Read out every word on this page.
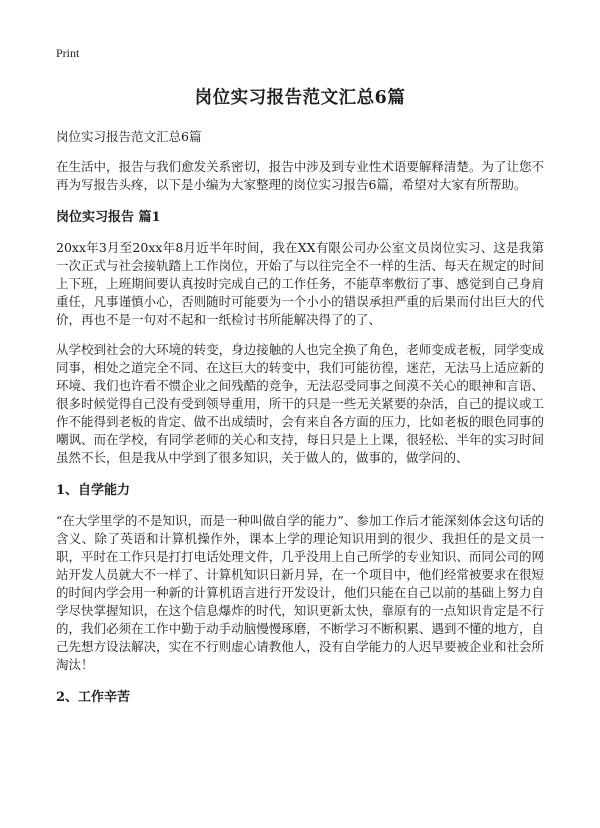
Print
岗位实习报告范文汇总6篇
岗位实习报告范文汇总6篇

在生活中，报告与我们愈发关系密切，报告中涉及到专业性术语要解释清楚。为了让您不再为写报告头疼，以下是小编为大家整理的岗位实习报告6篇，希望对大家有所帮助。

岗位实习报告 篇1

20xx年3月至20xx年8月近半年时间，我在XX有限公司办公室文员岗位实习、这是我第一次正式与社会接轨踏上工作岗位，开始了与以往完全不一样的生活、每天在规定的时间上下班，上班期间要认真按时完成自己的工作任务，不能草率敷衍了事、感觉到自己身肩重任，凡事谨慎小心，否则随时可能要为一个小小的错误承担严重的后果而付出巨大的代价，再也不是一句对不起和一纸检讨书所能解决得了的了、

从学校到社会的大环境的转变，身边接触的人也完全换了角色，老师变成老板，同学变成同事，相处之道完全不同、在这巨大的转变中，我们可能彷徨，迷茫，无法马上适应新的环境、我们也许看不惯企业之间残酷的竞争，无法忍受同事之间漠不关心的眼神和言语、很多时候觉得自己没有受到领导重用，所干的只是一些无关紧要的杂活，自己的提议或工作不能得到老板的肯定、做不出成绩时，会有来自各方面的压力，比如老板的眼色同事的嘲讽、而在学校，有同学老师的关心和支持，每日只是上上课，很轻松、半年的实习时间虽然不长，但是我从中学到了很多知识，关于做人的，做事的，做学问的、

1、自学能力

“在大学里学的不是知识，而是一种叫做自学的能力”、参加工作后才能深刻体会这句话的含义、除了英语和计算机操作外，课本上学的理论知识用到的很少、我担任的是文员一职，平时在工作只是打打电话处理文件，几乎没用上自己所学的专业知识、而同公司的网站开发人员就大不一样了、计算机知识日新月异，在一个项目中，他们经常被要求在很短的时间内学会用一种新的计算机语言进行开发设计，他们只能在自己以前的基础上努力自学尽快掌握知识，在这个信息爆炸的时代，知识更新太快，靠原有的一点知识肯定是不行的，我们必须在工作中勤于动手动脑慢慢琢磨，不断学习不断积累、遇到不懂的地方，自己先想方设法解决，实在不行则虚心请教他人，没有自学能力的人迟早要被企业和社会所淘汰！

2、工作辛苦
